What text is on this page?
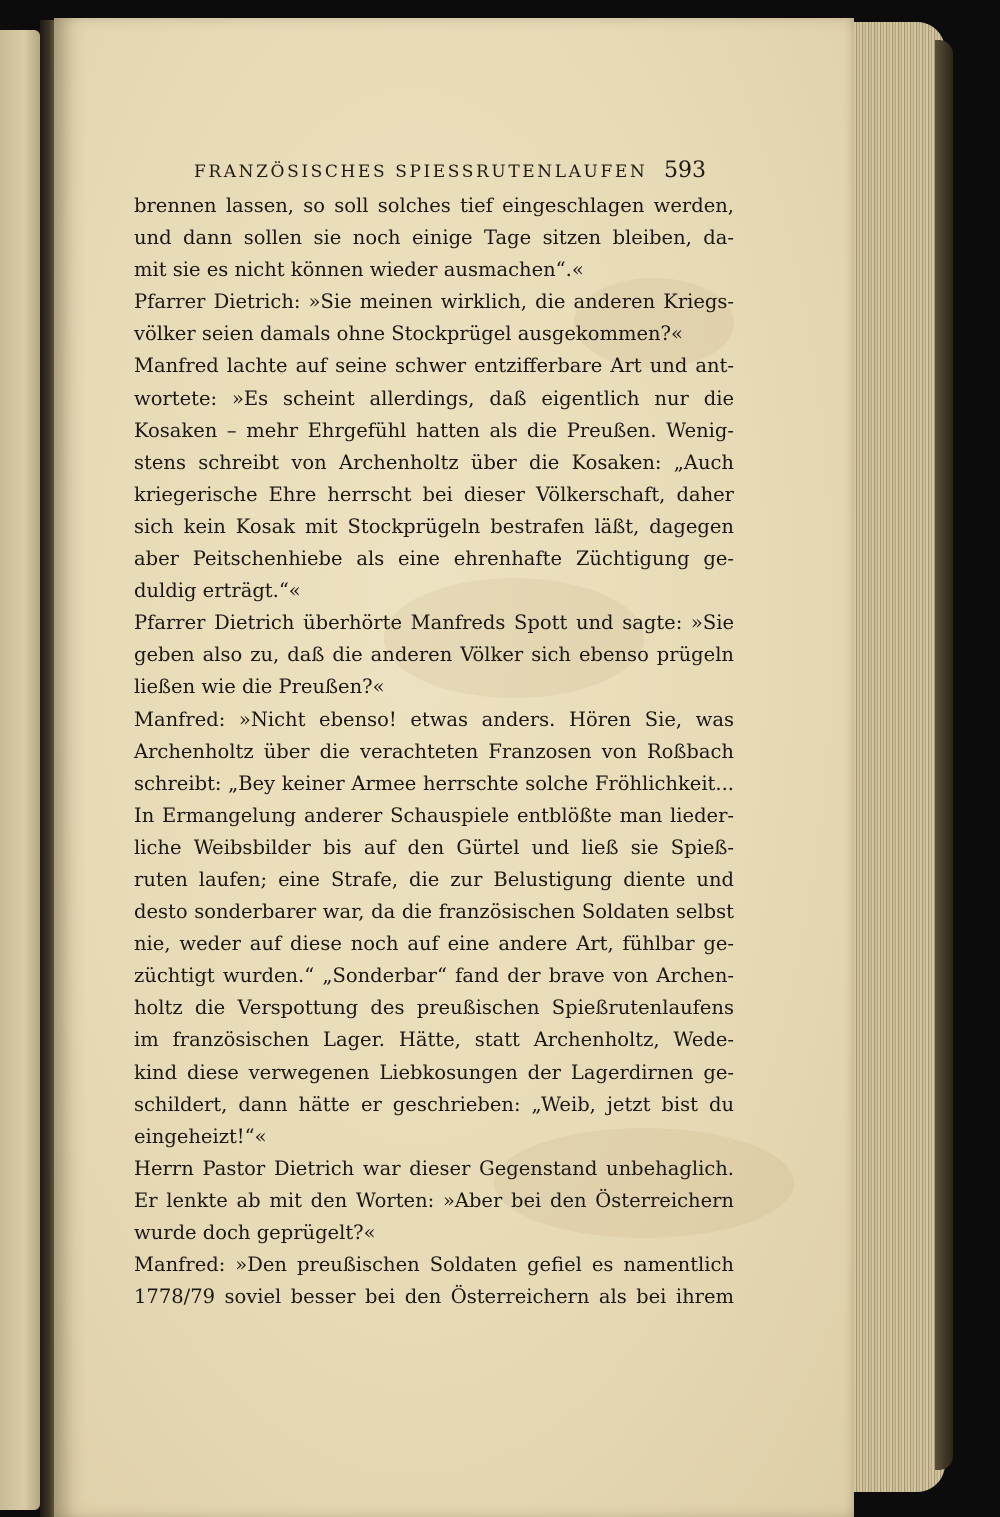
FRANZÖSISCHES SPIESSRUTENLAUFEN 593
brennen lassen, so soll solches tief eingeschlagen werden,
und dann sollen sie noch einige Tage sitzen bleiben, da-
mit sie es nicht können wieder ausmachen“.«
Pfarrer Dietrich: »Sie meinen wirklich, die anderen Kriegs-
völker seien damals ohne Stockprügel ausgekommen?«
Manfred lachte auf seine schwer entzifferbare Art und ant-
wortete: »Es scheint allerdings, daß eigentlich nur die
Kosaken – mehr Ehrgefühl hatten als die Preußen. Wenig-
stens schreibt von Archenholtz über die Kosaken: „Auch
kriegerische Ehre herrscht bei dieser Völkerschaft, daher
sich kein Kosak mit Stockprügeln bestrafen läßt, dagegen
aber Peitschenhiebe als eine ehrenhafte Züchtigung ge-
duldig erträgt.“«
Pfarrer Dietrich überhörte Manfreds Spott und sagte: »Sie
geben also zu, daß die anderen Völker sich ebenso prügeln
ließen wie die Preußen?«
Manfred: »Nicht ebenso! etwas anders. Hören Sie, was
Archenholtz über die verachteten Franzosen von Roßbach
schreibt: „Bey keiner Armee herrschte solche Fröhlichkeit...
In Ermangelung anderer Schauspiele entblößte man lieder-
liche Weibsbilder bis auf den Gürtel und ließ sie Spieß-
ruten laufen; eine Strafe, die zur Belustigung diente und
desto sonderbarer war, da die französischen Soldaten selbst
nie, weder auf diese noch auf eine andere Art, fühlbar ge-
züchtigt wurden.“ „Sonderbar“ fand der brave von Archen-
holtz die Verspottung des preußischen Spießrutenlaufens
im französischen Lager. Hätte, statt Archenholtz, Wede-
kind diese verwegenen Liebkosungen der Lagerdirnen ge-
schildert, dann hätte er geschrieben: „Weib, jetzt bist du
eingeheizt!“«
Herrn Pastor Dietrich war dieser Gegenstand unbehaglich.
Er lenkte ab mit den Worten: »Aber bei den Österreichern
wurde doch geprügelt?«
Manfred: »Den preußischen Soldaten gefiel es namentlich
1778/79 soviel besser bei den Österreichern als bei ihrem
